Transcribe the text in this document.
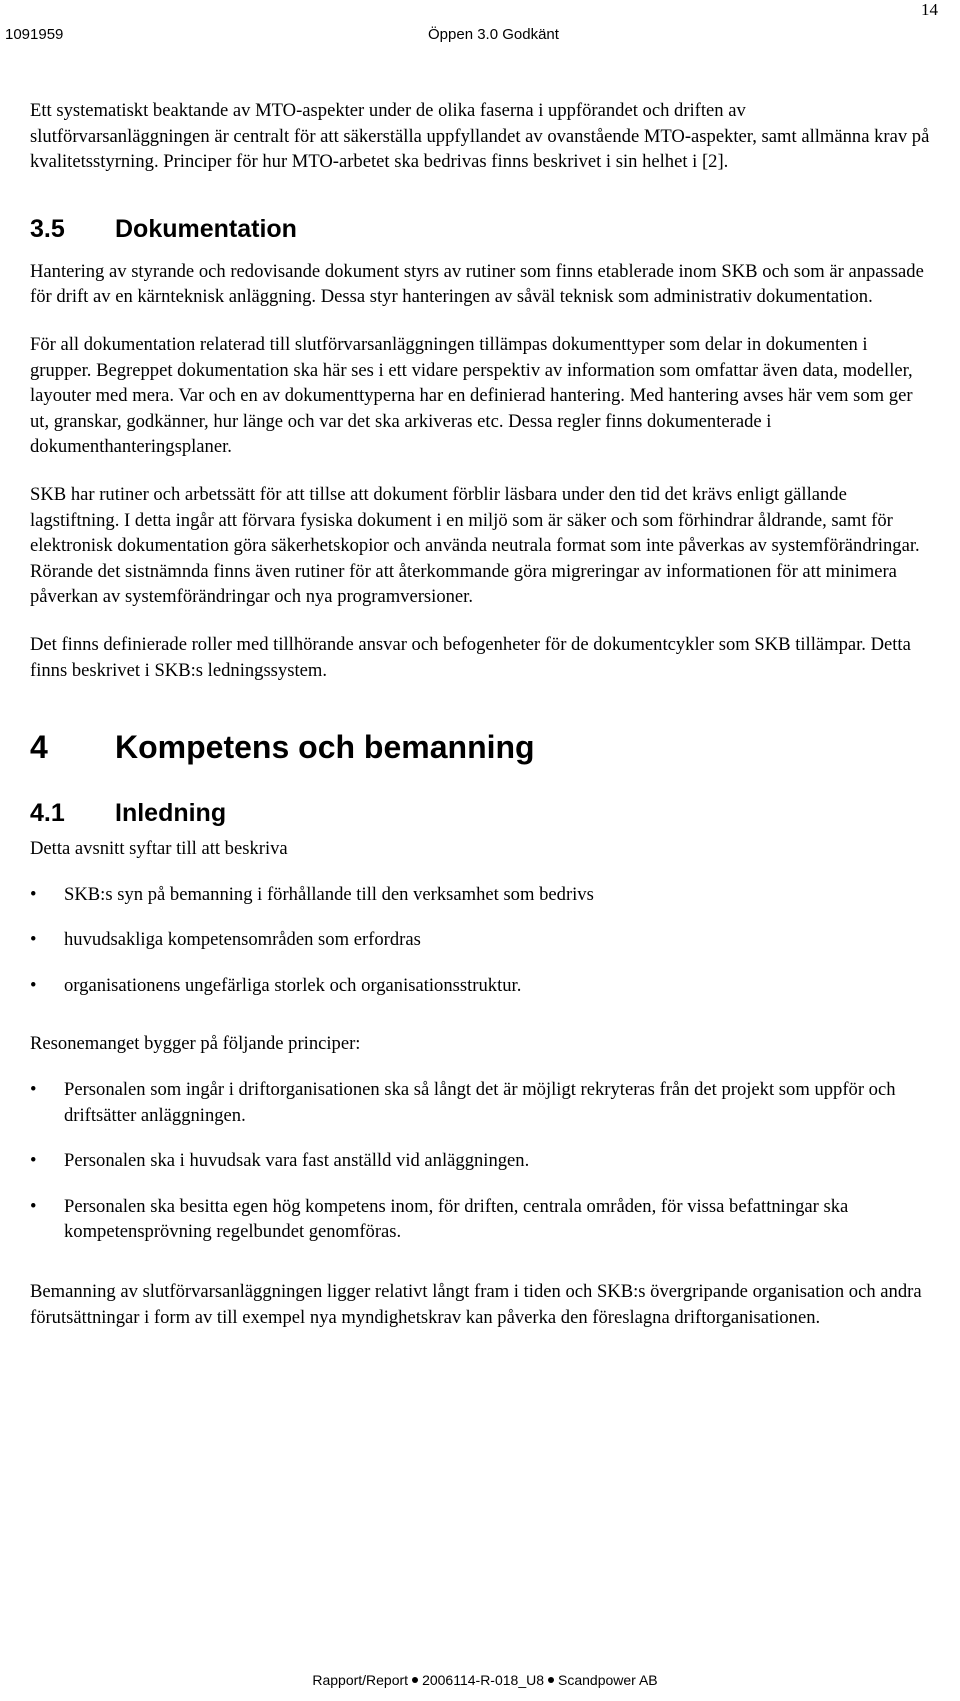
14
1091959	Öppen 3.0 Godkänt

Ett systematiskt beaktande av MTO-aspekter under de olika faserna i uppförandet och driften av slutförvarsanläggningen är centralt för att säkerställa uppfyllandet av ovanstående MTO-aspekter, samt allmänna krav på kvalitetsstyrning. Principer för hur MTO-arbetet ska bedrivas finns beskrivet i sin helhet i [2].

3.5	Dokumentation

Hantering av styrande och redovisande dokument styrs av rutiner som finns etablerade inom SKB och som är anpassade för drift av en kärnteknisk anläggning. Dessa styr hanteringen av såväl teknisk som administrativ dokumentation.

För all dokumentation relaterad till slutförvarsanläggningen tillämpas dokumenttyper som delar in dokumenten i grupper. Begreppet dokumentation ska här ses i ett vidare perspektiv av information som omfattar även data, modeller, layouter med mera. Var och en av dokumenttyperna har en definierad hantering. Med hantering avses här vem som ger ut, granskar, godkänner, hur länge och var det ska arkiveras etc. Dessa regler finns dokumenterade i dokumenthanteringsplaner.

SKB har rutiner och arbetssätt för att tillse att dokument förblir läsbara under den tid det krävs enligt gällande lagstiftning. I detta ingår att förvara fysiska dokument i en miljö som är säker och som förhindrar åldrande, samt för elektronisk dokumentation göra säkerhetskopior och använda neutrala format som inte påverkas av systemförändringar. Rörande det sistnämnda finns även rutiner för att återkommande göra migreringar av informationen för att minimera påverkan av systemförändringar och nya programversioner.

Det finns definierade roller med tillhörande ansvar och befogenheter för de dokumentcykler som SKB tillämpar. Detta finns beskrivet i SKB:s ledningssystem.

4	Kompetens och bemanning
4.1	Inledning

Detta avsnitt syftar till att beskriva

•	SKB:s syn på bemanning i förhållande till den verksamhet som bedrivs
•	huvudsakliga kompetensområden som erfordras
•	organisationens ungefärliga storlek och organisationsstruktur.

Resonemanget bygger på följande principer:

•	Personalen som ingår i driftorganisationen ska så långt det är möjligt rekryteras från det projekt som uppför och driftsätter anläggningen.
•	Personalen ska i huvudsak vara fast anställd vid anläggningen.
•	Personalen ska besitta egen hög kompetens inom, för driften, centrala områden, för vissa befattningar ska kompetensprövning regelbundet genomföras.

Bemanning av slutförvarsanläggningen ligger relativt långt fram i tiden och SKB:s övergripande organisation och andra förutsättningar i form av till exempel nya myndighetskrav kan påverka den föreslagna driftorganisationen.

Rapport/Report 2006114-R-018_U8 Scandpower AB
